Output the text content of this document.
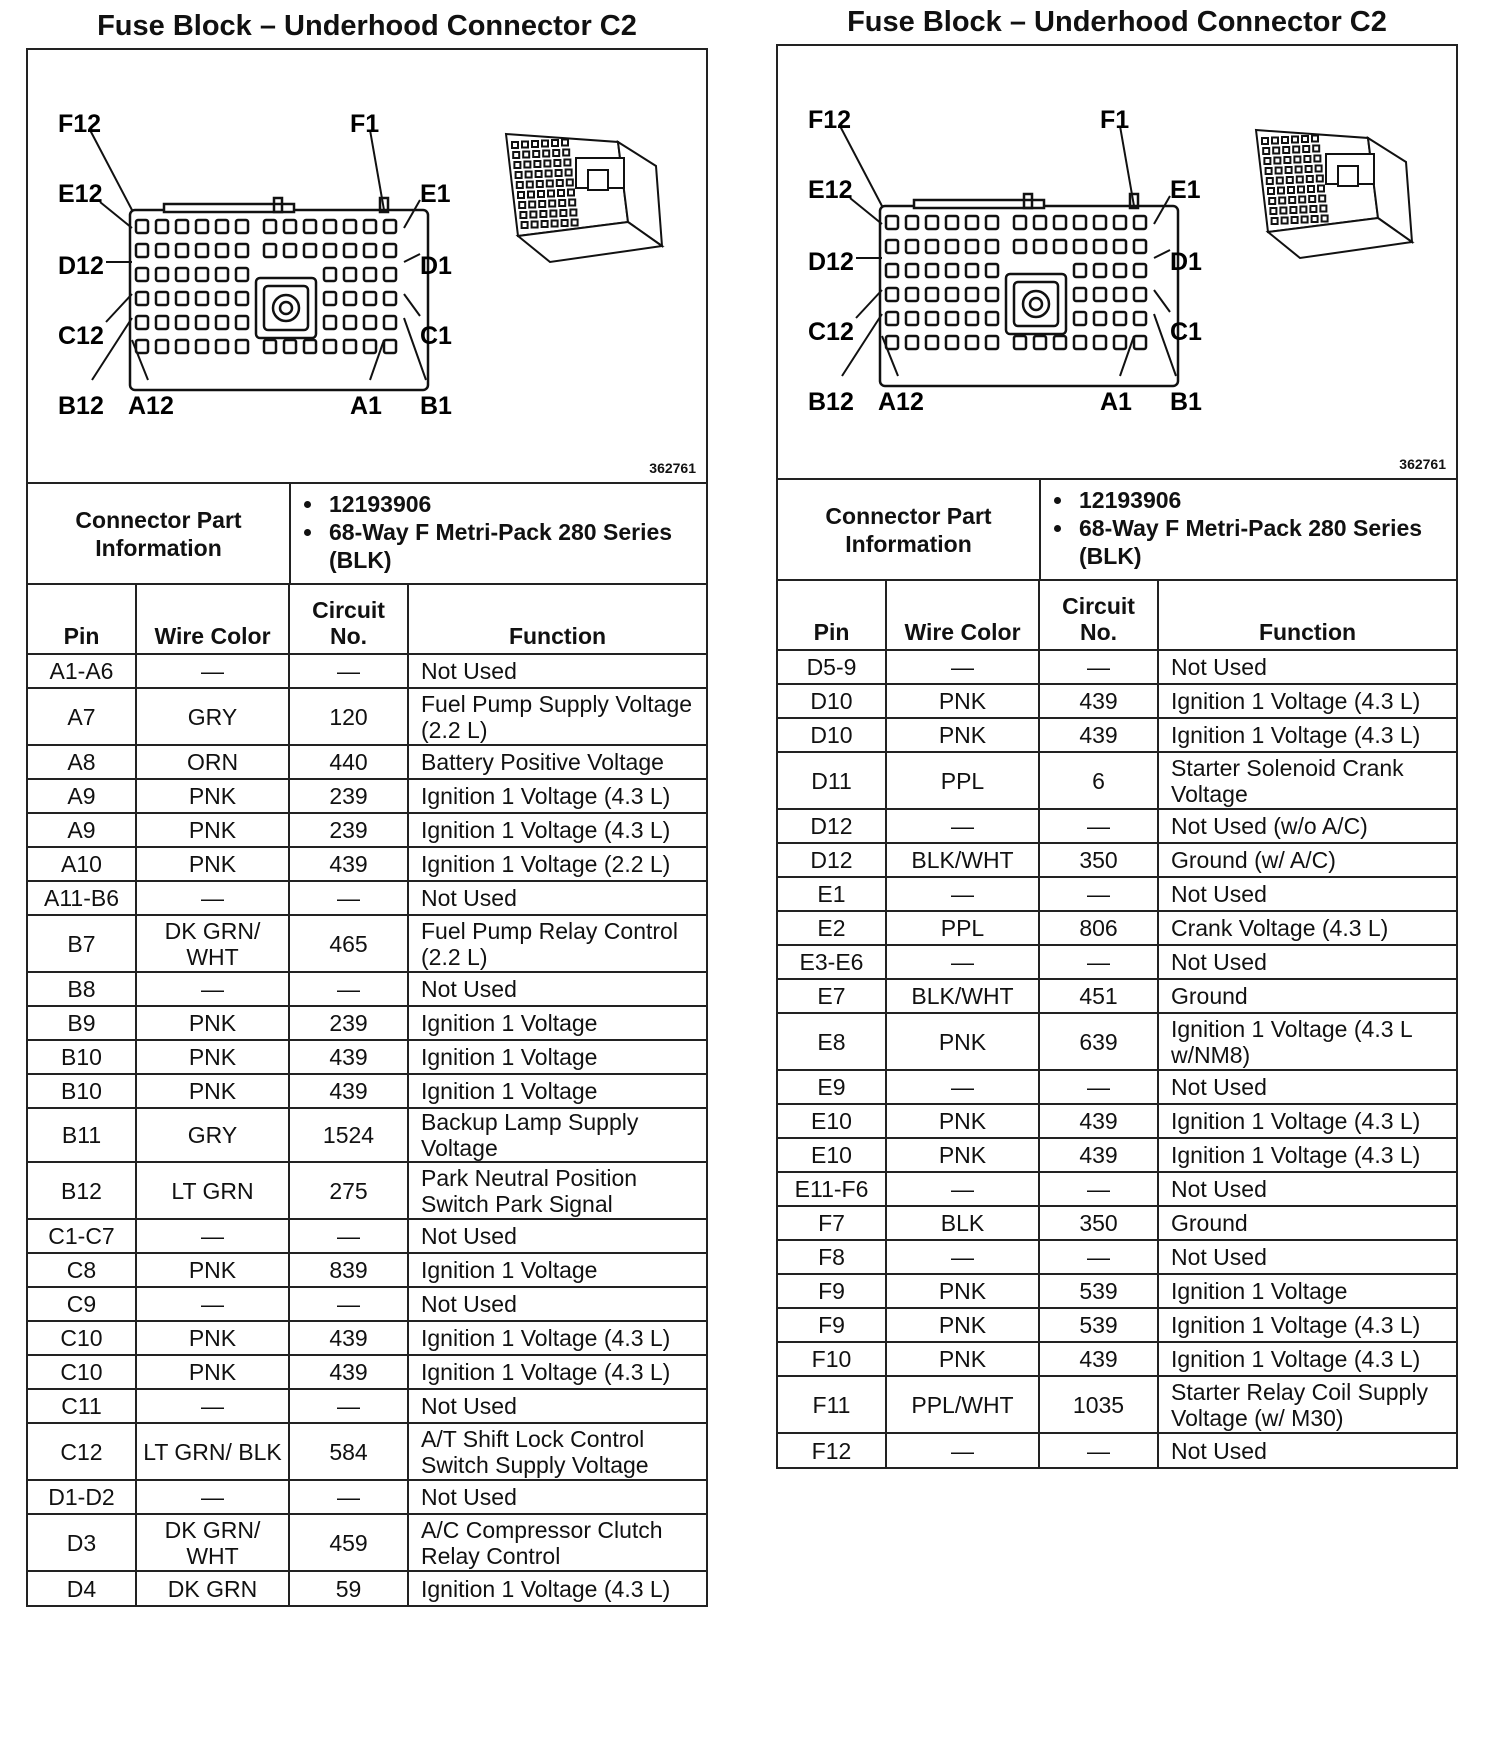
Fuse Block – Underhood Connector C2
F12	F1
E12	E1
D12	D1
C12	C1
B12 A12	A1 B1
362761
Connector Part Information
• 12193906
• 68-Way F Metri-Pack 280 Series (BLK)
Pin	Wire Color	Circuit No.	Function
A1-A6	—	—	Not Used
A7	GRY	120	Fuel Pump Supply Voltage (2.2 L)
A8	ORN	440	Battery Positive Voltage
A9	PNK	239	Ignition 1 Voltage (4.3 L)
A9	PNK	239	Ignition 1 Voltage (4.3 L)
A10	PNK	439	Ignition 1 Voltage (2.2 L)
A11-B6	—	—	Not Used
B7	DK GRN/ WHT	465	Fuel Pump Relay Control (2.2 L)
B8	—	—	Not Used
B9	PNK	239	Ignition 1 Voltage
B10	PNK	439	Ignition 1 Voltage
B10	PNK	439	Ignition 1 Voltage
B11	GRY	1524	Backup Lamp Supply Voltage
B12	LT GRN	275	Park Neutral Position Switch Park Signal
C1-C7	—	—	Not Used
C8	PNK	839	Ignition 1 Voltage
C9	—	—	Not Used
C10	PNK	439	Ignition 1 Voltage (4.3 L)
C10	PNK	439	Ignition 1 Voltage (4.3 L)
C11	—	—	Not Used
C12	LT GRN/ BLK	584	A/T Shift Lock Control Switch Supply Voltage
D1-D2	—	—	Not Used
D3	DK GRN/ WHT	459	A/C Compressor Clutch Relay Control
D4	DK GRN	59	Ignition 1 Voltage (4.3 L)
Fuse Block – Underhood Connector C2
F12	F1
E12	E1
D12	D1
C12	C1
B12 A12	A1 B1
362761
Connector Part Information
• 12193906
• 68-Way F Metri-Pack 280 Series (BLK)
Pin	Wire Color	Circuit No.	Function
D5-9	—	—	Not Used
D10	PNK	439	Ignition 1 Voltage (4.3 L)
D10	PNK	439	Ignition 1 Voltage (4.3 L)
D11	PPL	6	Starter Solenoid Crank Voltage
D12	—	—	Not Used (w/o A/C)
D12	BLK/WHT	350	Ground (w/ A/C)
E1	—	—	Not Used
E2	PPL	806	Crank Voltage (4.3 L)
E3-E6	—	—	Not Used
E7	BLK/WHT	451	Ground
E8	PNK	639	Ignition 1 Voltage (4.3 L w/NM8)
E9	—	—	Not Used
E10	PNK	439	Ignition 1 Voltage (4.3 L)
E10	PNK	439	Ignition 1 Voltage (4.3 L)
E11-F6	—	—	Not Used
F7	BLK	350	Ground
F8	—	—	Not Used
F9	PNK	539	Ignition 1 Voltage
F9	PNK	539	Ignition 1 Voltage (4.3 L)
F10	PNK	439	Ignition 1 Voltage (4.3 L)
F11	PPL/WHT	1035	Starter Relay Coil Supply Voltage (w/ M30)
F12	—	—	Not Used
